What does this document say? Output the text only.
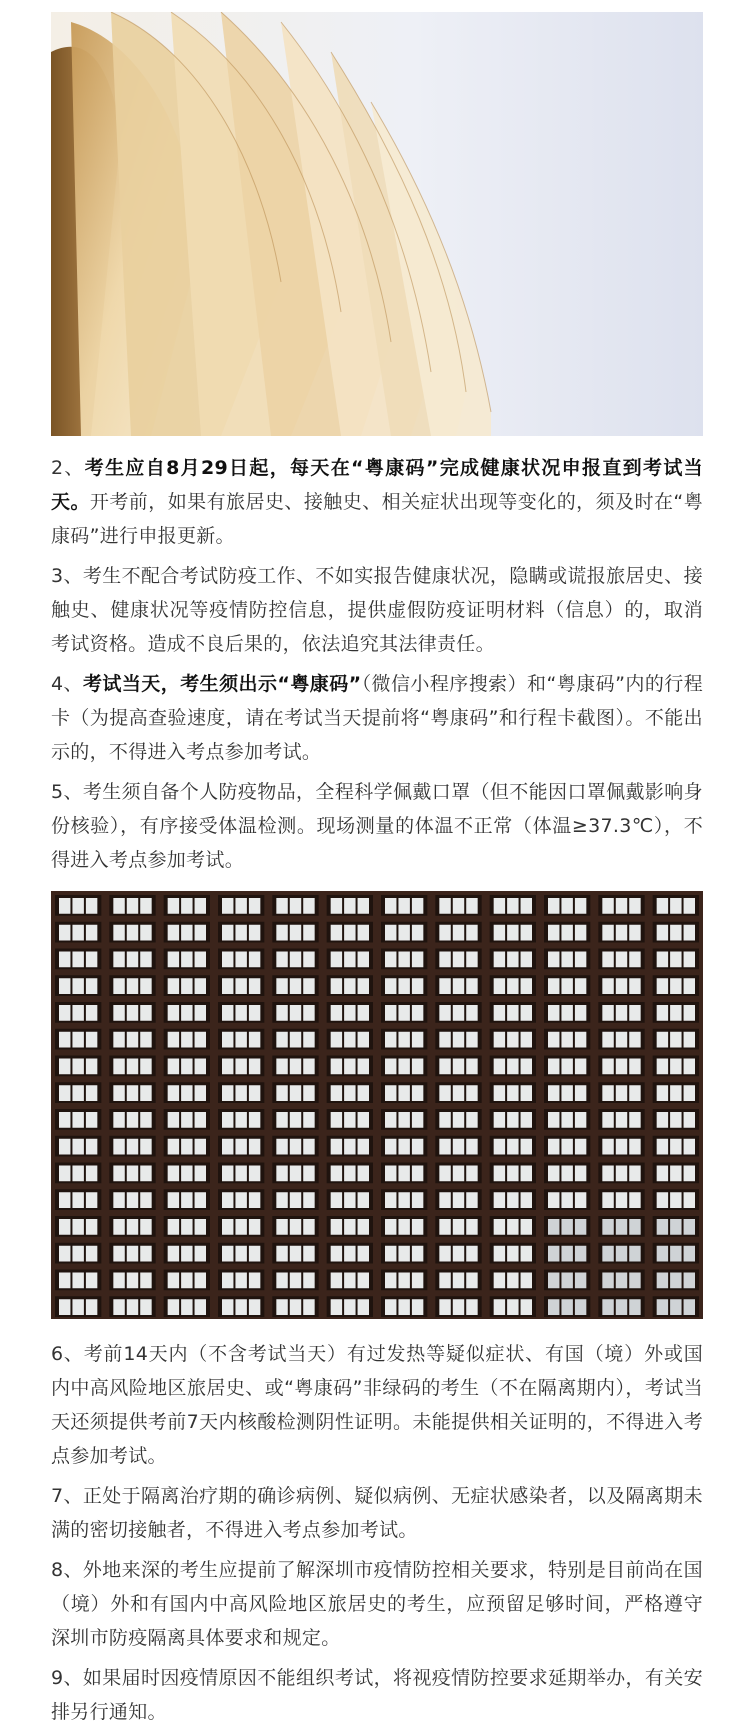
2、考生应自8月29日起，每天在“粤康码”完成健康状况申报直到考试当天。开考前，如果有旅居史、接触史、相关症状出现等变化的，须及时在“粤康码”进行申报更新。

3、考生不配合考试防疫工作、不如实报告健康状况，隐瞒或谎报旅居史、接触史、健康状况等疫情防控信息，提供虚假防疫证明材料（信息）的，取消考试资格。造成不良后果的，依法追究其法律责任。

4、考试当天，考生须出示“粤康码”（微信小程序搜索）和“粤康码”内的行程卡（为提高查验速度，请在考试当天提前将“粤康码”和行程卡截图）。不能出示的，不得进入考点参加考试。

5、考生须自备个人防疫物品，全程科学佩戴口罩（但不能因口罩佩戴影响身份核验），有序接受体温检测。现场测量的体温不正常（体温≥37.3℃），不得进入考点参加考试。

6、考前14天内（不含考试当天）有过发热等疑似症状、有国（境）外或国内中高风险地区旅居史、或“粤康码”非绿码的考生（不在隔离期内），考试当天还须提供考前7天内核酸检测阴性证明。未能提供相关证明的，不得进入考点参加考试。

7、正处于隔离治疗期的确诊病例、疑似病例、无症状感染者，以及隔离期未满的密切接触者，不得进入考点参加考试。

8、外地来深的考生应提前了解深圳市疫情防控相关要求，特别是目前尚在国（境）外和有国内中高风险地区旅居史的考生，应预留足够时间，严格遵守深圳市防疫隔离具体要求和规定。

9、如果届时因疫情原因不能组织考试，将视疫情防控要求延期举办，有关安排另行通知。
